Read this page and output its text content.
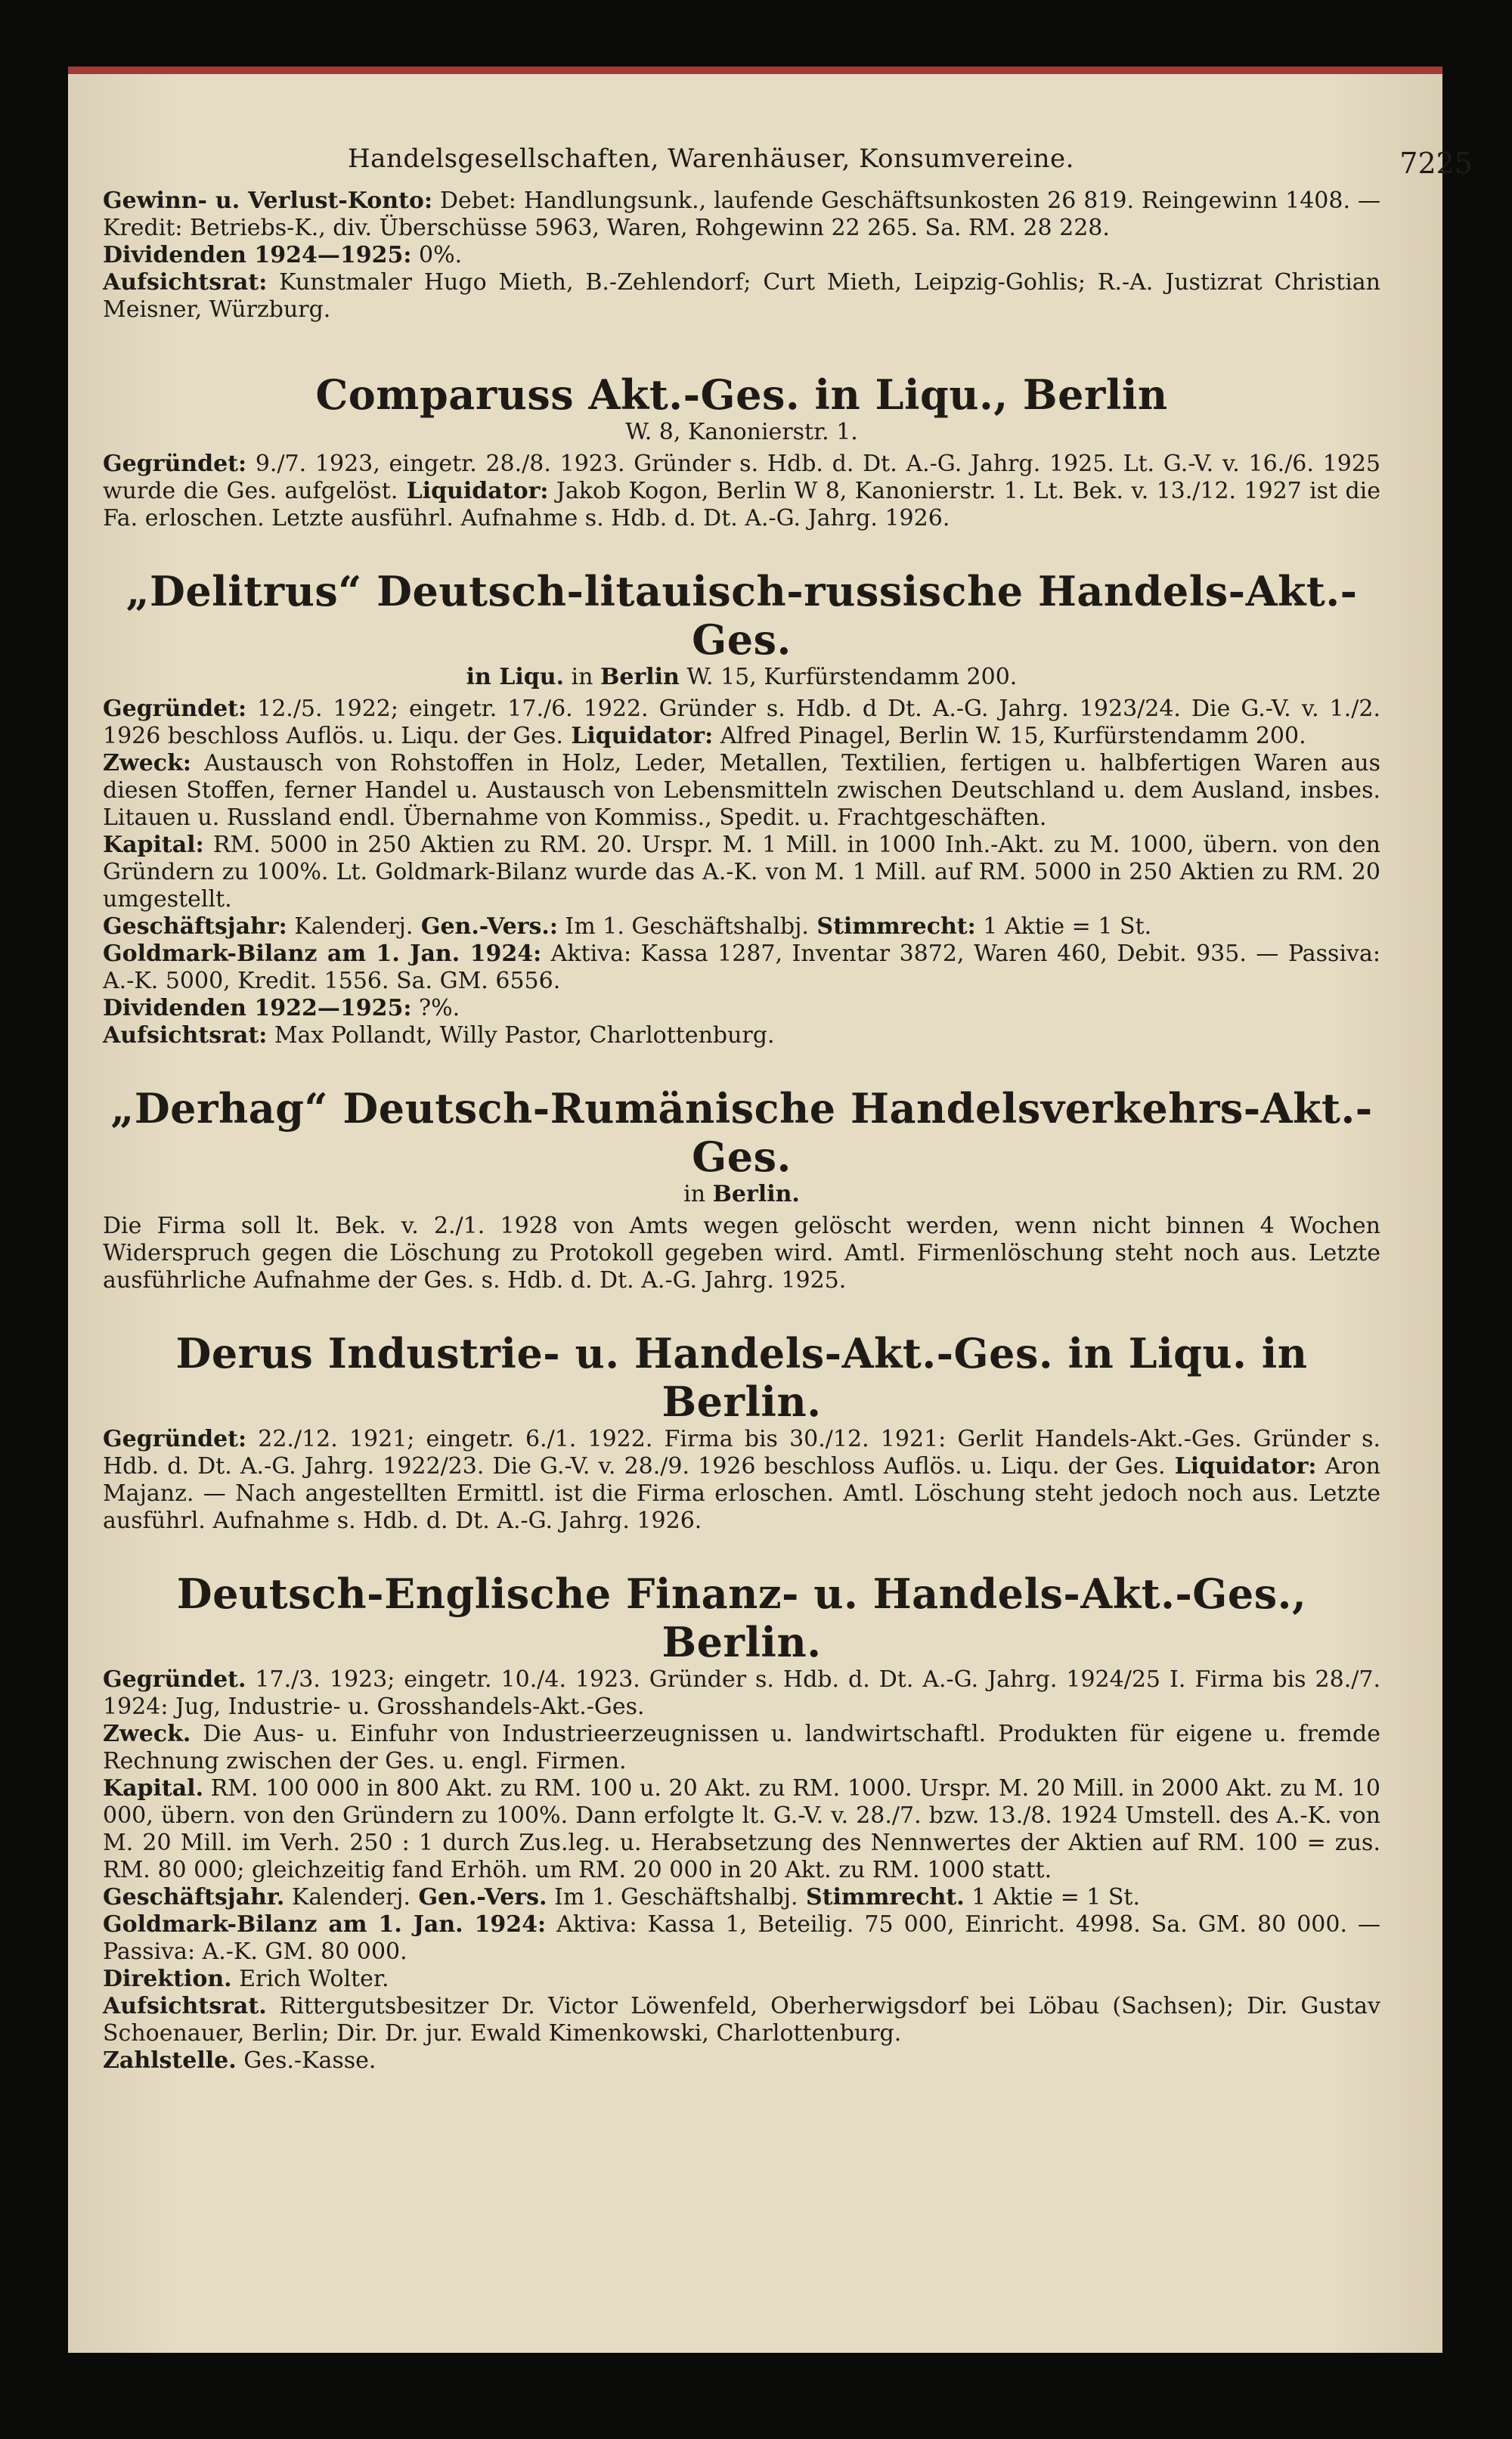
Handelsgesellschaften, Warenhäuser, Konsumvereine.	7225

Gewinn- u. Verlust-Konto: Debet: Handlungsunk., laufende Geschäftsunkosten 26 819. Reingewinn 1408. — Kredit: Betriebs-K., div. Überschüsse 5963, Waren, Rohgewinn 22 265. Sa. RM. 28 228.

Dividenden 1924—1925: 0%.

Aufsichtsrat: Kunstmaler Hugo Mieth, B.-Zehlendorf; Curt Mieth, Leipzig-Gohlis; R.-A. Justizrat Christian Meisner, Würzburg.

Comparuss Akt.-Ges. in Liqu., Berlin
W. 8, Kanonierstr. 1.

Gegründet: 9./7. 1923, eingetr. 28./8. 1923. Gründer s. Hdb. d. Dt. A.-G. Jahrg. 1925. Lt. G.-V. v. 16./6. 1925 wurde die Ges. aufgelöst. Liquidator: Jakob Kogon, Berlin W 8, Kanonierstr. 1. Lt. Bek. v. 13./12. 1927 ist die Fa. erloschen. Letzte ausführl. Aufnahme s. Hdb. d. Dt. A.-G. Jahrg. 1926.

„Delitrus“ Deutsch-litauisch-russische Handels-Akt.-Ges.
in Liqu. in Berlin W. 15, Kurfürstendamm 200.

Gegründet: 12./5. 1922; eingetr. 17./6. 1922. Gründer s. Hdb. d Dt. A.-G. Jahrg. 1923/24. Die G.-V. v. 1./2. 1926 beschloss Auflös. u. Liqu. der Ges. Liquidator: Alfred Pinagel, Berlin W. 15, Kurfürstendamm 200.

Zweck: Austausch von Rohstoffen in Holz, Leder, Metallen, Textilien, fertigen u. halbfertigen Waren aus diesen Stoffen, ferner Handel u. Austausch von Lebensmitteln zwischen Deutschland u. dem Ausland, insbes. Litauen u. Russland endl. Übernahme von Kommiss., Spedit. u. Frachtgeschäften.

Kapital: RM. 5000 in 250 Aktien zu RM. 20. Urspr. M. 1 Mill. in 1000 Inh.-Akt. zu M. 1000, übern. von den Gründern zu 100%. Lt. Goldmark-Bilanz wurde das A.-K. von M. 1 Mill. auf RM. 5000 in 250 Aktien zu RM. 20 umgestellt.

Geschäftsjahr: Kalenderj. Gen.-Vers.: Im 1. Geschäftshalbj. Stimmrecht: 1 Aktie = 1 St.

Goldmark-Bilanz am 1. Jan. 1924: Aktiva: Kassa 1287, Inventar 3872, Waren 460, Debit. 935. — Passiva: A.-K. 5000, Kredit. 1556. Sa. GM. 6556.

Dividenden 1922—1925: ?%.

Aufsichtsrat: Max Pollandt, Willy Pastor, Charlottenburg.

„Derhag“ Deutsch-Rumänische Handelsverkehrs-Akt.-Ges.
in Berlin.

Die Firma soll lt. Bek. v. 2./1. 1928 von Amts wegen gelöscht werden, wenn nicht binnen 4 Wochen Widerspruch gegen die Löschung zu Protokoll gegeben wird. Amtl. Firmenlöschung steht noch aus. Letzte ausführliche Aufnahme der Ges. s. Hdb. d. Dt. A.-G. Jahrg. 1925.

Derus Industrie- u. Handels-Akt.-Ges. in Liqu. in Berlin.

Gegründet: 22./12. 1921; eingetr. 6./1. 1922. Firma bis 30./12. 1921: Gerlit Handels-Akt.-Ges. Gründer s. Hdb. d. Dt. A.-G. Jahrg. 1922/23. Die G.-V. v. 28./9. 1926 beschloss Auflös. u. Liqu. der Ges. Liquidator: Aron Majanz. — Nach angestellten Ermittl. ist die Firma erloschen. Amtl. Löschung steht jedoch noch aus. Letzte ausführl. Aufnahme s. Hdb. d. Dt. A.-G. Jahrg. 1926.

Deutsch-Englische Finanz- u. Handels-Akt.-Ges., Berlin.

Gegründet. 17./3. 1923; eingetr. 10./4. 1923. Gründer s. Hdb. d. Dt. A.-G. Jahrg. 1924/25 I. Firma bis 28./7. 1924: Jug, Industrie- u. Grosshandels-Akt.-Ges.

Zweck. Die Aus- u. Einfuhr von Industrieerzeugnissen u. landwirtschaftl. Produkten für eigene u. fremde Rechnung zwischen der Ges. u. engl. Firmen.

Kapital. RM. 100 000 in 800 Akt. zu RM. 100 u. 20 Akt. zu RM. 1000. Urspr. M. 20 Mill. in 2000 Akt. zu M. 10 000, übern. von den Gründern zu 100%. Dann erfolgte lt. G.-V. v. 28./7. bzw. 13./8. 1924 Umstell. des A.-K. von M. 20 Mill. im Verh. 250 : 1 durch Zus.leg. u. Herabsetzung des Nennwertes der Aktien auf RM. 100 = zus. RM. 80 000; gleichzeitig fand Erhöh. um RM. 20 000 in 20 Akt. zu RM. 1000 statt.

Geschäftsjahr. Kalenderj. Gen.-Vers. Im 1. Geschäftshalbj. Stimmrecht. 1 Aktie = 1 St.

Goldmark-Bilanz am 1. Jan. 1924: Aktiva: Kassa 1, Beteilig. 75 000, Einricht. 4998. Sa. GM. 80 000. — Passiva: A.-K. GM. 80 000.

Direktion. Erich Wolter.

Aufsichtsrat. Rittergutsbesitzer Dr. Victor Löwenfeld, Oberherwigsdorf bei Löbau (Sachsen); Dir. Gustav Schoenauer, Berlin; Dir. Dr. jur. Ewald Kimenkowski, Charlottenburg.

Zahlstelle. Ges.-Kasse.
